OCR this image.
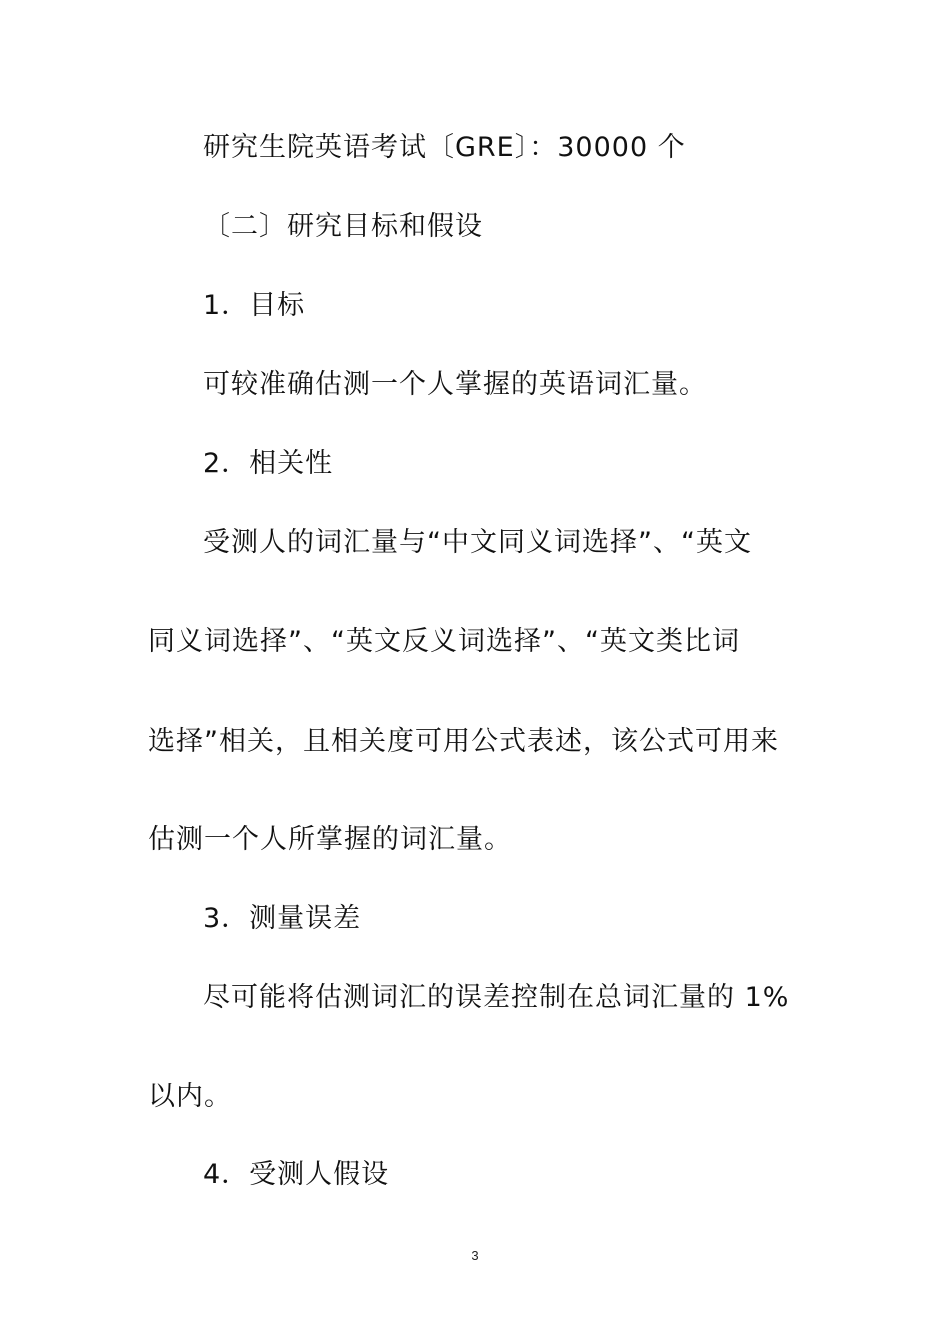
研究生院英语考试〔GRE〕：30000 个

〔二〕研究目标和假设

1．目标

可较准确估测一个人掌握的英语词汇量。

2．相关性

受测人的词汇量与“中文同义词选择”、“英文

同义词选择”、“英文反义词选择”、“英文类比词

选择”相关，且相关度可用公式表述，该公式可用来

估测一个人所掌握的词汇量。

3．测量误差

尽可能将估测词汇的误差控制在总词汇量的 1%

以内。

4．受测人假设

3
